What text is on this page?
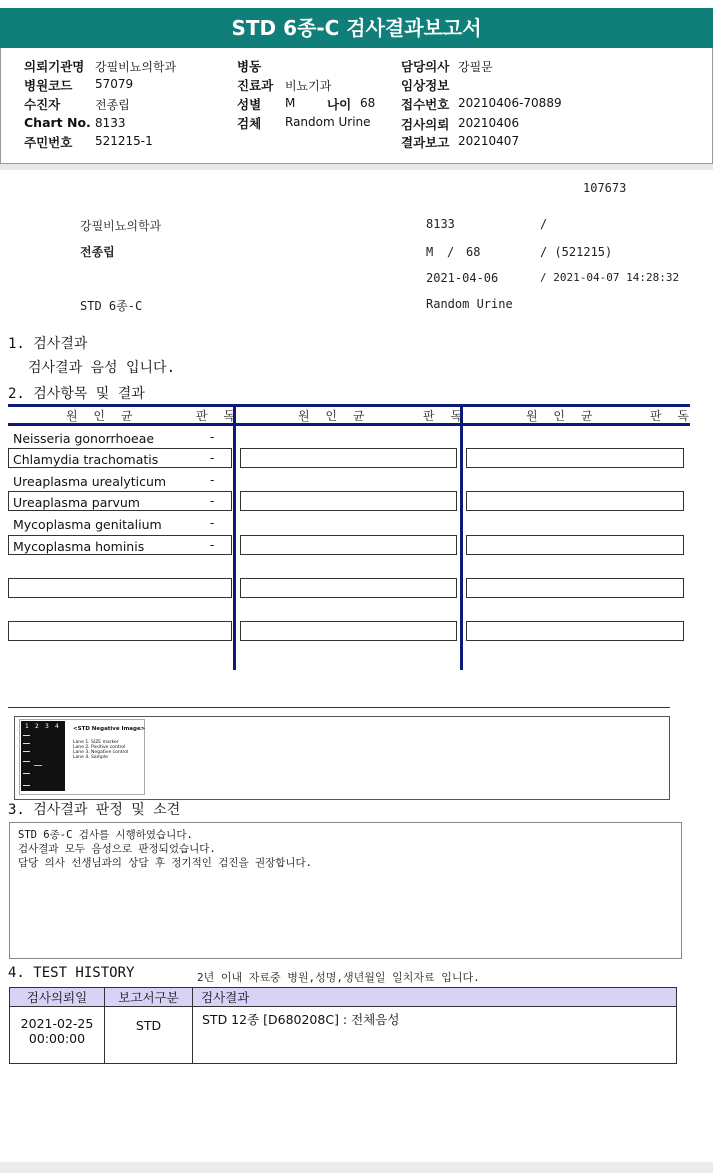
STD 6종-C 검사결과보고서
의뢰기관명 강필비뇨의학과
병원코드 57079
수진자	전종립
Chart No. 8133
주민번호 521215-1
병동
진료과 비뇨기과
성별 M	나이 68
검체 Random Urine
담당의사 강필문
임상정보
접수번호 20210406-70889
검사의뢰 20210406
결과보고 20210407
107673
강필비뇨의학과	8133	/
전종립	M / 68	/ (521215)
2021-04-06	/ 2021-04-07 14:28:32
STD 6종-C	Random Urine
1. 검사결과
검사결과 음성 입니다.
2. 검사항목 및 결과
원 인 균	판 독	원 인 균	판 독	원 인 균	판 독
Neisseria gonorrhoeae	-
Chlamydia trachomatis	-
Ureaplasma urealyticum	-
Ureaplasma parvum	-
Mycoplasma genitalium	-
Mycoplasma hominis	-
1 2 3 4	<STD Negative Image>
Lane 1. SIZE marker
Lane 2. Positive control
Lane 3. Negative control
Lane 4. Sample
3. 검사결과 판정 및 소견
STD 6종-C 검사를 시행하였습니다.
검사결과 모두 음성으로 판정되었습니다.
담당 의사 선생님과의 상담 후 정기적인 검진을 권장합니다.
4. TEST HISTORY	2년 이내 자료중 병원,성명,생년월일 일치자료 입니다.
검사의뢰일	보고서구분	검사결과
2021-02-25
00:00:00
STD	STD 12종 [D680208C] : 전체음성
